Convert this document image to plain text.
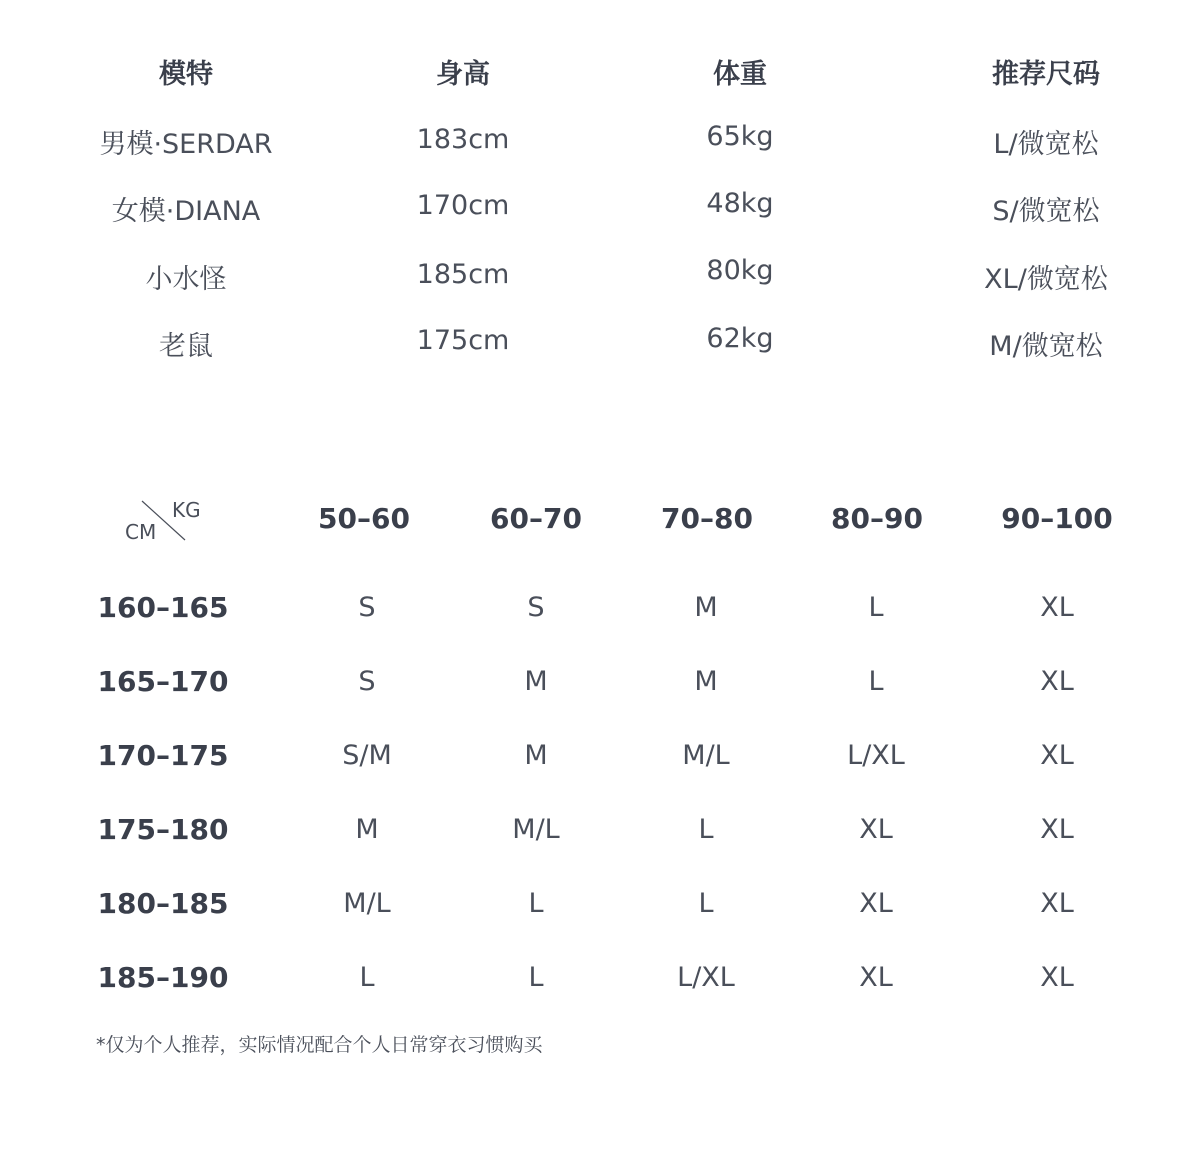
模特	身高	体重	推荐尺码
男模·SERDAR	183cm	65kg	L/微宽松
女模·DIANA	170cm	48kg	S/微宽松
小水怪	185cm	80kg	XL/微宽松
老鼠	175cm	62kg	M/微宽松
KG
CM	50–60	60–70	70–80	80–90	90–100
160–165	S	S	M	L	XL
165–170	S	M	M	L	XL
170–175	S/M	M	M/L	L/XL	XL
175–180	M	M/L	L	XL	XL
180–185	M/L	L	L	XL	XL
185–190	L	L	L/XL	XL	XL
*仅为个人推荐，实际情况配合个人日常穿衣习惯购买
